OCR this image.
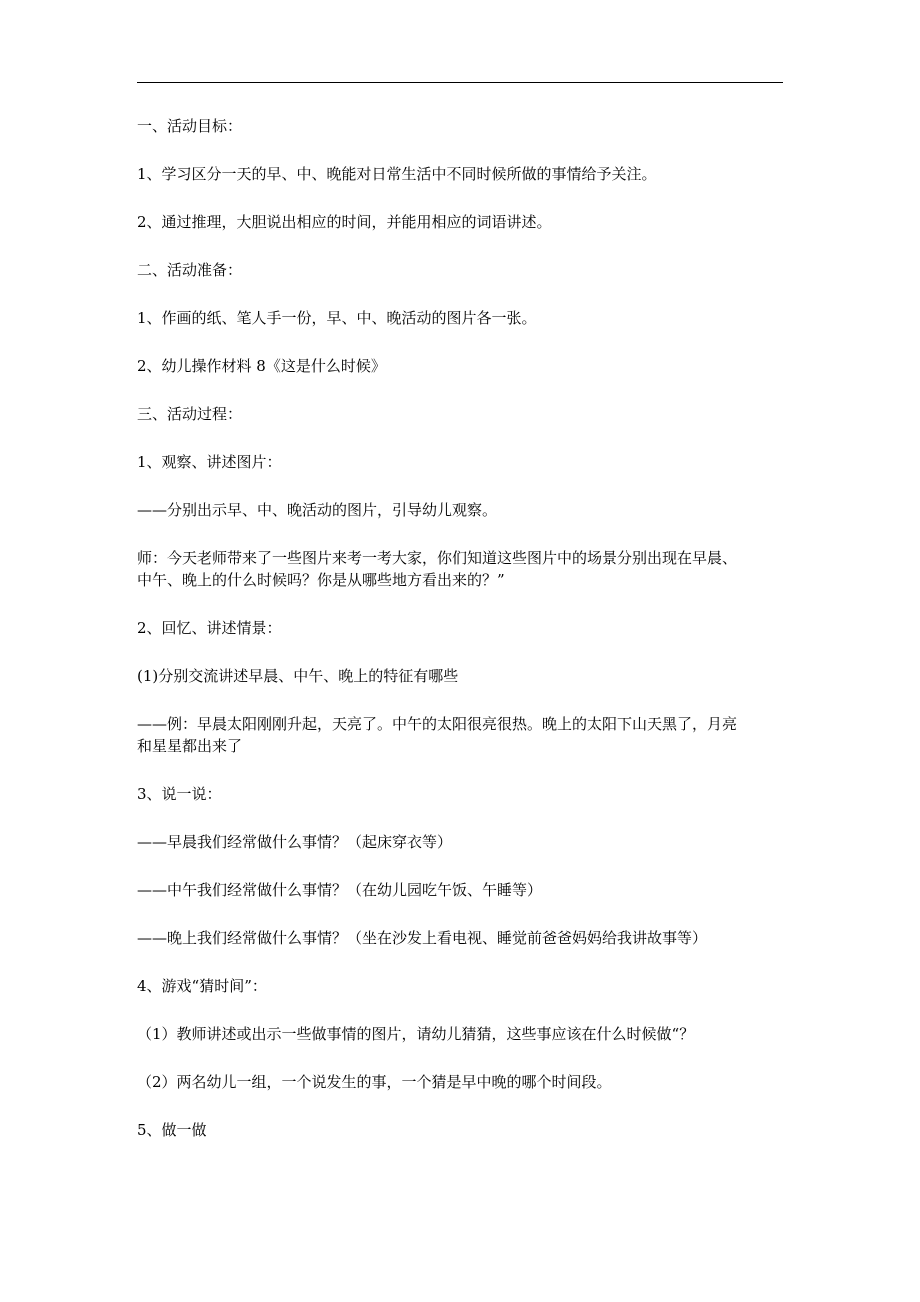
一、活动目标：

1、学习区分一天的早、中、晚能对日常生活中不同时候所做的事情给予关注。

2、通过推理，大胆说出相应的时间，并能用相应的词语讲述。

二、活动准备：

1、作画的纸、笔人手一份，早、中、晚活动的图片各一张。

2、幼儿操作材料 8《这是什么时候》

三、活动过程：

1、观察、讲述图片：

——分别出示早、中、晚活动的图片，引导幼儿观察。

师：今天老师带来了一些图片来考一考大家，你们知道这些图片中的场景分别出现在早晨、

中午、晚上的什么时候吗？你是从哪些地方看出来的？”

2、回忆、讲述情景：

(1)分别交流讲述早晨、中午、晚上的特征有哪些

——例：早晨太阳刚刚升起，天亮了。中午的太阳很亮很热。晚上的太阳下山天黑了，月亮

和星星都出来了

3、说一说：

——早晨我们经常做什么事情？（起床穿衣等）

——中午我们经常做什么事情？（在幼儿园吃午饭、午睡等）

——晚上我们经常做什么事情？（坐在沙发上看电视、睡觉前爸爸妈妈给我讲故事等）

4、游戏“猜时间”：

（1）教师讲述或出示一些做事情的图片，请幼儿猜猜，这些事应该在什么时候做“？

（2）两名幼儿一组，一个说发生的事，一个猜是早中晚的哪个时间段。

5、做一做
